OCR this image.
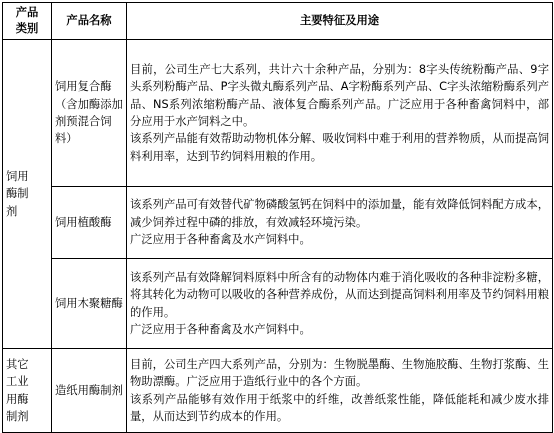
产品
类别	产品名称	主要特征及用途
饲用
酶制
剂	饲用复合酶（含加酶添加剂预混合饲料）	目前，公司生产七大系列，共计六十余种产品，分别为：8字头传统粉酶产品、9字头系列粉酶产品、P字头微丸酶系列产品、A字粉酶系列产品、C字头浓缩粉酶系列产品、NS系列浓缩粉酶产品、液体复合酶系列产品。广泛应用于各种畜禽饲料中，部分应用于水产饲料之中。
该系列产品能有效帮助动物机体分解、吸收饲料中难于利用的营养物质，从而提高饲料利用率，达到节约饲料用粮的作用。

	饲用植酸酶	该系列产品可有效替代矿物磷酸氢钙在饲料中的添加量，能有效降低饲料配方成本，减少饲养过程中磷的排放，有效减轻环境污染。
广泛应用于各种畜禽及水产饲料中。

	饲用木聚糖酶	该系列产品有效降解饲料原料中所含有的动物体内难于消化吸收的各种非淀粉多糖，将其转化为动物可以吸收的各种营养成份，从而达到提高饲料利用率及节约饲料用粮的作用。
广泛应用于各种畜禽及水产饲料中。

其它
工业
用酶
制剂	造纸用酶制剂	目前，公司生产四大系列产品，分别为：生物脱墨酶、生物施胶酶、生物打浆酶、生物助漂酶。广泛应用于造纸行业中的各个方面。
该系列产品能够有效作用于纸浆中的纤维，改善纸浆性能，降低能耗和减少废水排量，从而达到节约成本的作用。
